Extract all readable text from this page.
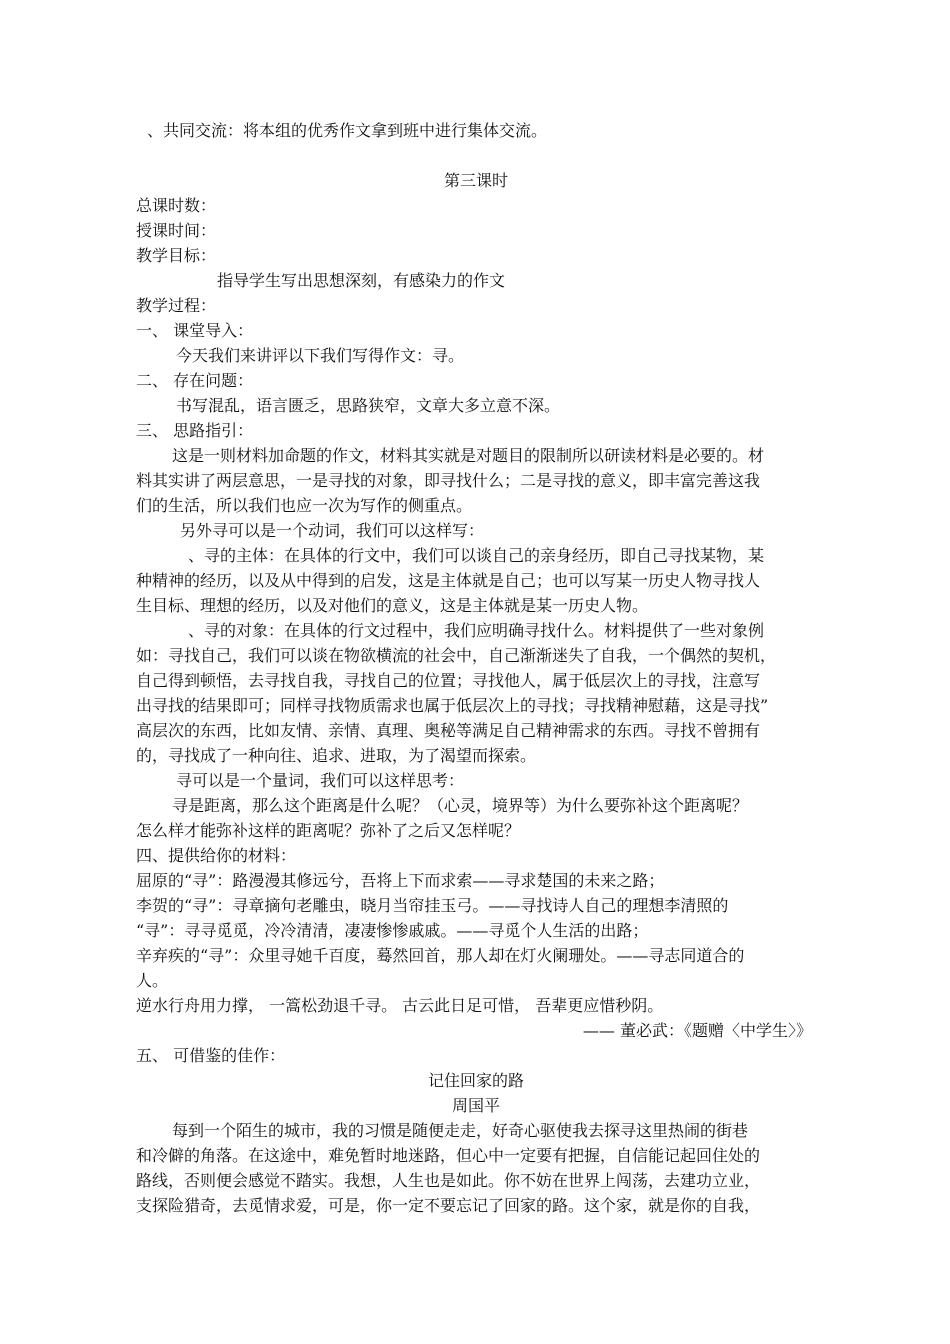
、共同交流：将本组的优秀作文拿到班中进行集体交流。
第三课时
总课时数：
授课时间：
教学目标：
指导学生写出思想深刻，有感染力的作文
教学过程：
一、 课堂导入：
今天我们来讲评以下我们写得作文：寻。
二、 存在问题：
书写混乱，语言匮乏，思路狭窄，文章大多立意不深。
三、 思路指引：
这是一则材料加命题的作文，材料其实就是对题目的限制所以研读材料是必要的。材
料其实讲了两层意思，一是寻找的对象，即寻找什么；二是寻找的意义，即丰富完善这我
们的生活，所以我们也应一次为写作的侧重点。
另外寻可以是一个动词，我们可以这样写：
、寻的主体：在具体的行文中，我们可以谈自己的亲身经历，即自己寻找某物，某
种精神的经历，以及从中得到的启发，这是主体就是自己；也可以写某一历史人物寻找人
生目标、理想的经历，以及对他们的意义，这是主体就是某一历史人物。
、寻的对象：在具体的行文过程中，我们应明确寻找什么。材料提供了一些对象例
如：寻找自己，我们可以谈在物欲横流的社会中，自己渐渐迷失了自我，一个偶然的契机，
自己得到顿悟，去寻找自我，寻找自己的位置；寻找他人，属于低层次上的寻找，注意写
出寻找的结果即可；同样寻找物质需求也属于低层次上的寻找；寻找精神慰藉，这是寻找”
高层次的东西，比如友情、亲情、真理、奥秘等满足自己精神需求的东西。寻找不曾拥有
的，寻找成了一种向往、追求、进取，为了渴望而探索。
寻可以是一个量词，我们可以这样思考：
寻是距离，那么这个距离是什么呢？（心灵，境界等）为什么要弥补这个距离呢？
怎么样才能弥补这样的距离呢？弥补了之后又怎样呢？
四、提供给你的材料：
屈原的“寻”：路漫漫其修远兮，吾将上下而求索——寻求楚国的未来之路；
李贺的“寻”：寻章摘句老雕虫，晓月当帘挂玉弓。——寻找诗人自己的理想李清照的
“寻”：寻寻觅觅，冷冷清清，凄凄惨惨戚戚。——寻觅个人生活的出路；
辛弃疾的“寻”：众里寻她千百度，蓦然回首，那人却在灯火阑珊处。——寻志同道合的
人。
逆水行舟用力撑， 一篙松劲退千寻。 古云此日足可惜， 吾辈更应惜秒阴。
—— 董必武：《题赠〈中学生〉》
五、 可借鉴的佳作：
记住回家的路
周国平
每到一个陌生的城市，我的习惯是随便走走，好奇心驱使我去探寻这里热闹的街巷
和冷僻的角落。在这途中，难免暂时地迷路，但心中一定要有把握，自信能记起回住处的
路线，否则便会感觉不踏实。我想，人生也是如此。你不妨在世界上闯荡，去建功立业，
支探险猎奇，去觅情求爱，可是，你一定不要忘记了回家的路。这个家，就是你的自我，
